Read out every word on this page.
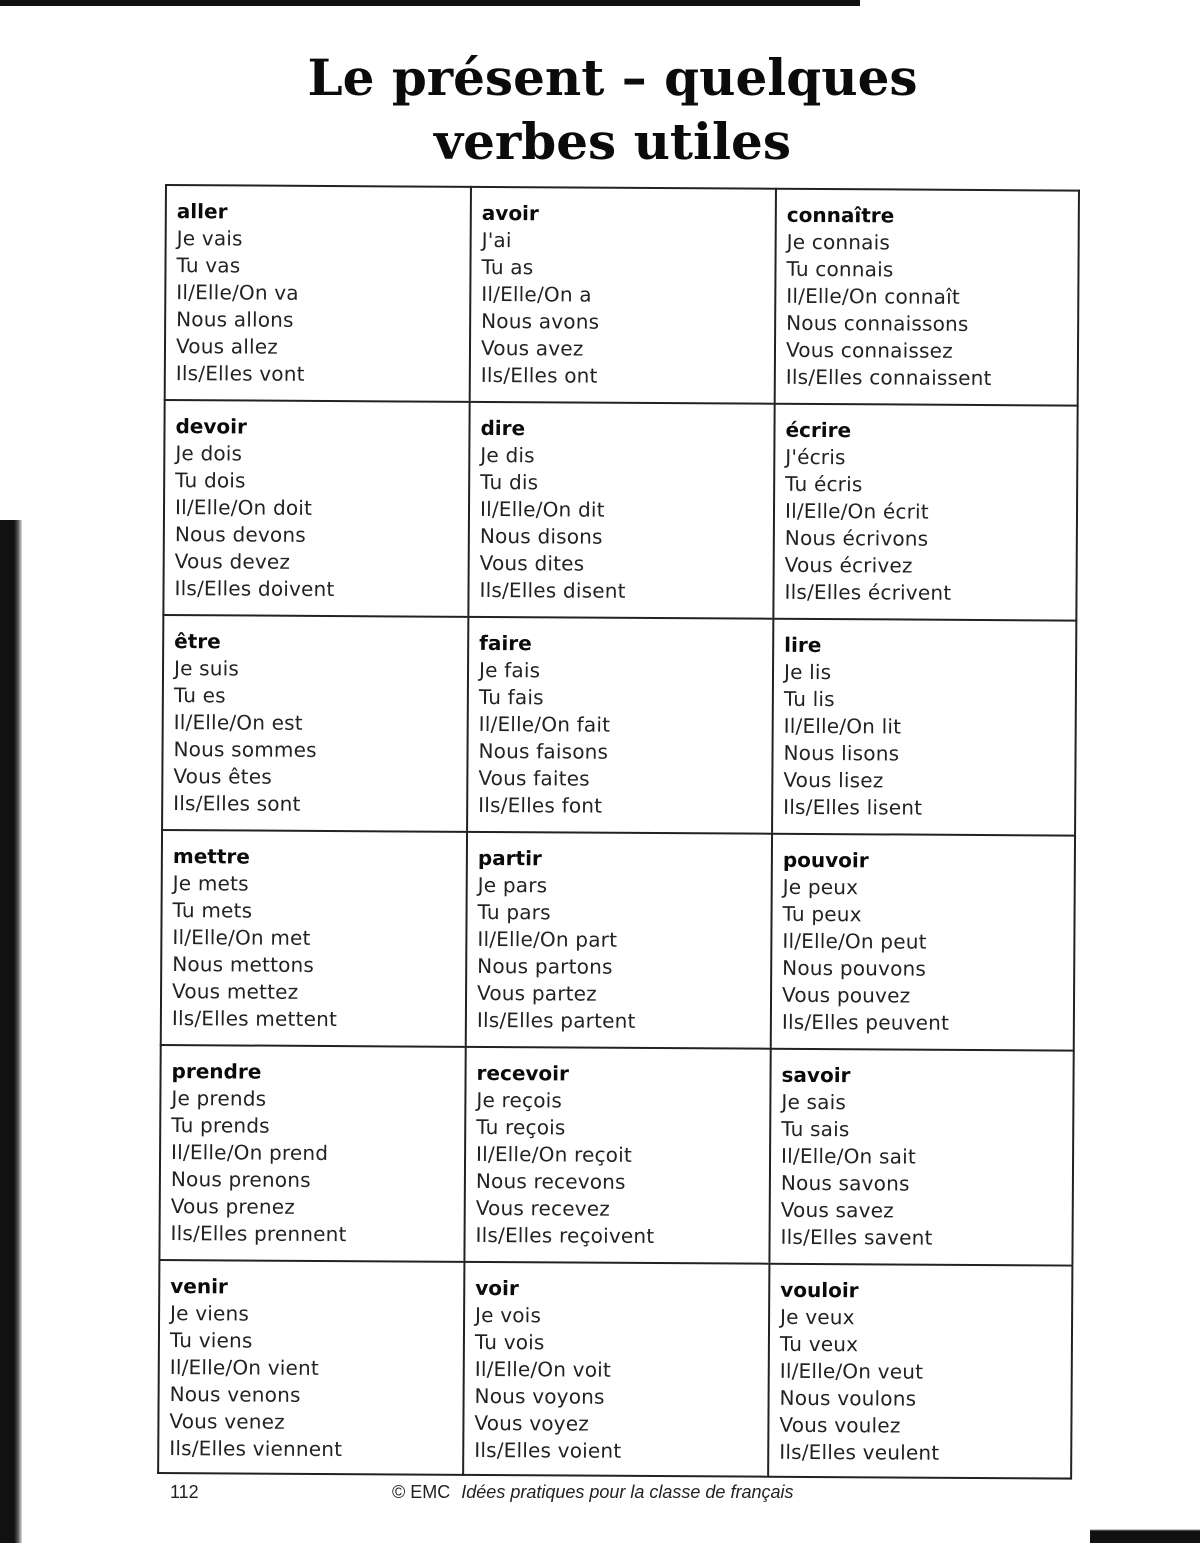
Le présent – quelques
verbes utiles
aller
Je vais
Tu vas
Il/Elle/On va
Nous allons
Vous allez
Ils/Elles vont
avoir
J'ai
Tu as
Il/Elle/On a
Nous avons
Vous avez
Ils/Elles ont
connaître
Je connais
Tu connais
Il/Elle/On connaît
Nous connaissons
Vous connaissez
Ils/Elles connaissent
devoir
Je dois
Tu dois
Il/Elle/On doit
Nous devons
Vous devez
Ils/Elles doivent
dire
Je dis
Tu dis
Il/Elle/On dit
Nous disons
Vous dites
Ils/Elles disent
écrire
J'écris
Tu écris
Il/Elle/On écrit
Nous écrivons
Vous écrivez
Ils/Elles écrivent
être
Je suis
Tu es
Il/Elle/On est
Nous sommes
Vous êtes
Ils/Elles sont
faire
Je fais
Tu fais
Il/Elle/On fait
Nous faisons
Vous faites
Ils/Elles font
lire
Je lis
Tu lis
Il/Elle/On lit
Nous lisons
Vous lisez
Ils/Elles lisent
mettre
Je mets
Tu mets
Il/Elle/On met
Nous mettons
Vous mettez
Ils/Elles mettent
partir
Je pars
Tu pars
Il/Elle/On part
Nous partons
Vous partez
Ils/Elles partent
pouvoir
Je peux
Tu peux
Il/Elle/On peut
Nous pouvons
Vous pouvez
Ils/Elles peuvent
prendre
Je prends
Tu prends
Il/Elle/On prend
Nous prenons
Vous prenez
Ils/Elles prennent
recevoir
Je reçois
Tu reçois
Il/Elle/On reçoit
Nous recevons
Vous recevez
Ils/Elles reçoivent
savoir
Je sais
Tu sais
Il/Elle/On sait
Nous savons
Vous savez
Ils/Elles savent
venir
Je viens
Tu viens
Il/Elle/On vient
Nous venons
Vous venez
Ils/Elles viennent
voir
Je vois
Tu vois
Il/Elle/On voit
Nous voyons
Vous voyez
Ils/Elles voient
vouloir
Je veux
Tu veux
Il/Elle/On veut
Nous voulons
Vous voulez
Ils/Elles veulent
112	© EMC Idées pratiques pour la classe de français
